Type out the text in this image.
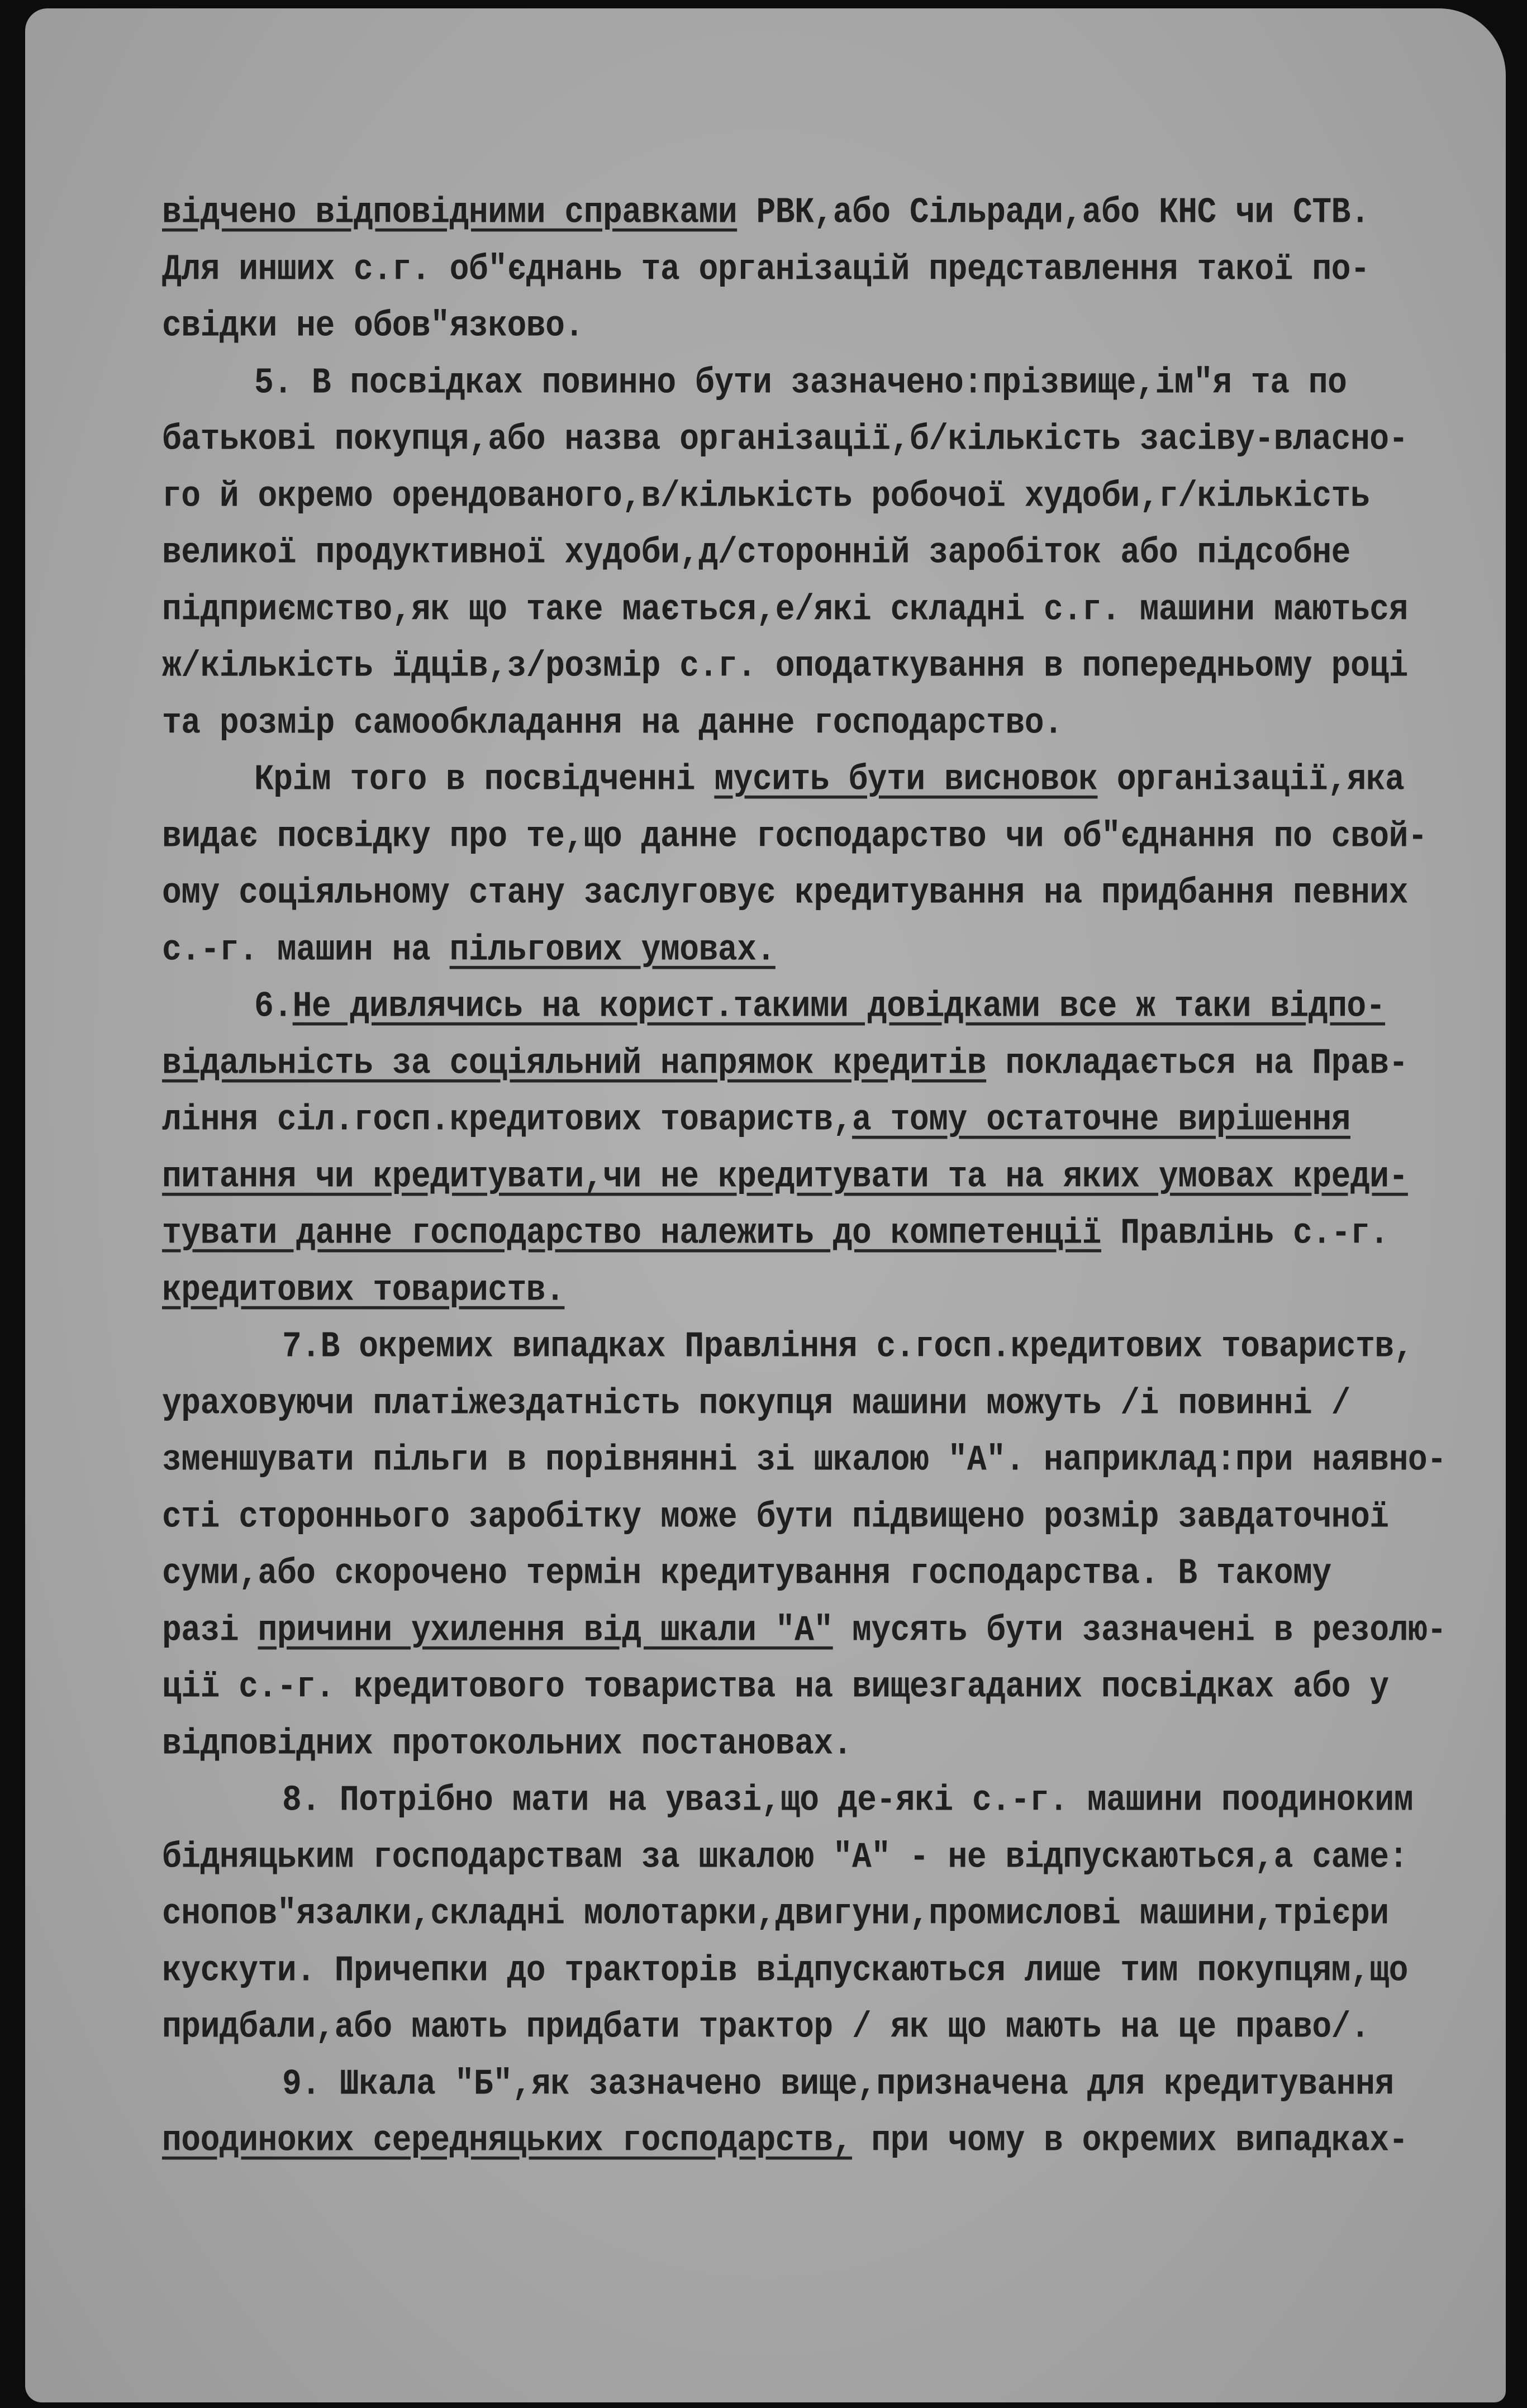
відчено відповідними справками РВК,або Сільради,або КНС чи СТВ.
Для инших с.г. об"єднань та організацій представлення такої по-
свідки не обов"язково.
5. В посвідках повинно бути зазначено:прізвище,ім"я та по
батькові покупця,або назва організації,б/кількість засіву-власно-
го й окремо орендованого,в/кількість робочої худоби,г/кількість
великої продуктивної худоби,д/сторонній заробіток або підсобне
підприємство,як що таке мається,е/які складні с.г. машини маються
ж/кількість їдців,з/розмір с.г. оподаткування в попередньому році
та розмір самообкладання на данне господарство.
Крім того в посвідченні мусить бути висновок організації,яка
видає посвідку про те,що данне господарство чи об"єднання по свой-
ому соціяльному стану заслуговує кредитування на придбання певних
с.-г. машин на пільгових умовах.
6.Не дивлячись на корист.такими довідками все ж таки відпо-
відальність за соціяльний напрямок кредитів покладається на Прав-
ління сіл.госп.кредитових товариств,а тому остаточне вирішення
питання чи кредитувати,чи не кредитувати та на яких умовах креди-
тувати данне господарство належить до компетенції Правлінь с.-г.
кредитових товариств.
7.В окремих випадках Правління с.госп.кредитових товариств,
ураховуючи платіжездатність покупця машини можуть /і повинні /
зменшувати пільги в порівнянні зі шкалою "А". наприклад:при наявно-
сті стороннього заробітку може бути підвищено розмір завдаточної
суми,або скорочено термін кредитування господарства. В такому
разі причини ухилення від шкали "А" мусять бути зазначені в резолю-
ції с.-г. кредитового товариства на вищезгаданих посвідках або у
відповідних протокольних постановах.
8. Потрібно мати на увазі,що де-які с.-г. машини поодиноким
бідняцьким господарствам за шкалою "А" - не відпускаються,а саме:
снопов"язалки,складні молотарки,двигуни,промислові машини,трієри
кускути. Причепки до тракторів відпускаються лише тим покупцям,що
придбали,або мають придбати трактор / як що мають на це право/.
9. Шкала "Б",як зазначено вище,призначена для кредитування
поодиноких середняцьких господарств, при чому в окремих випадках-
